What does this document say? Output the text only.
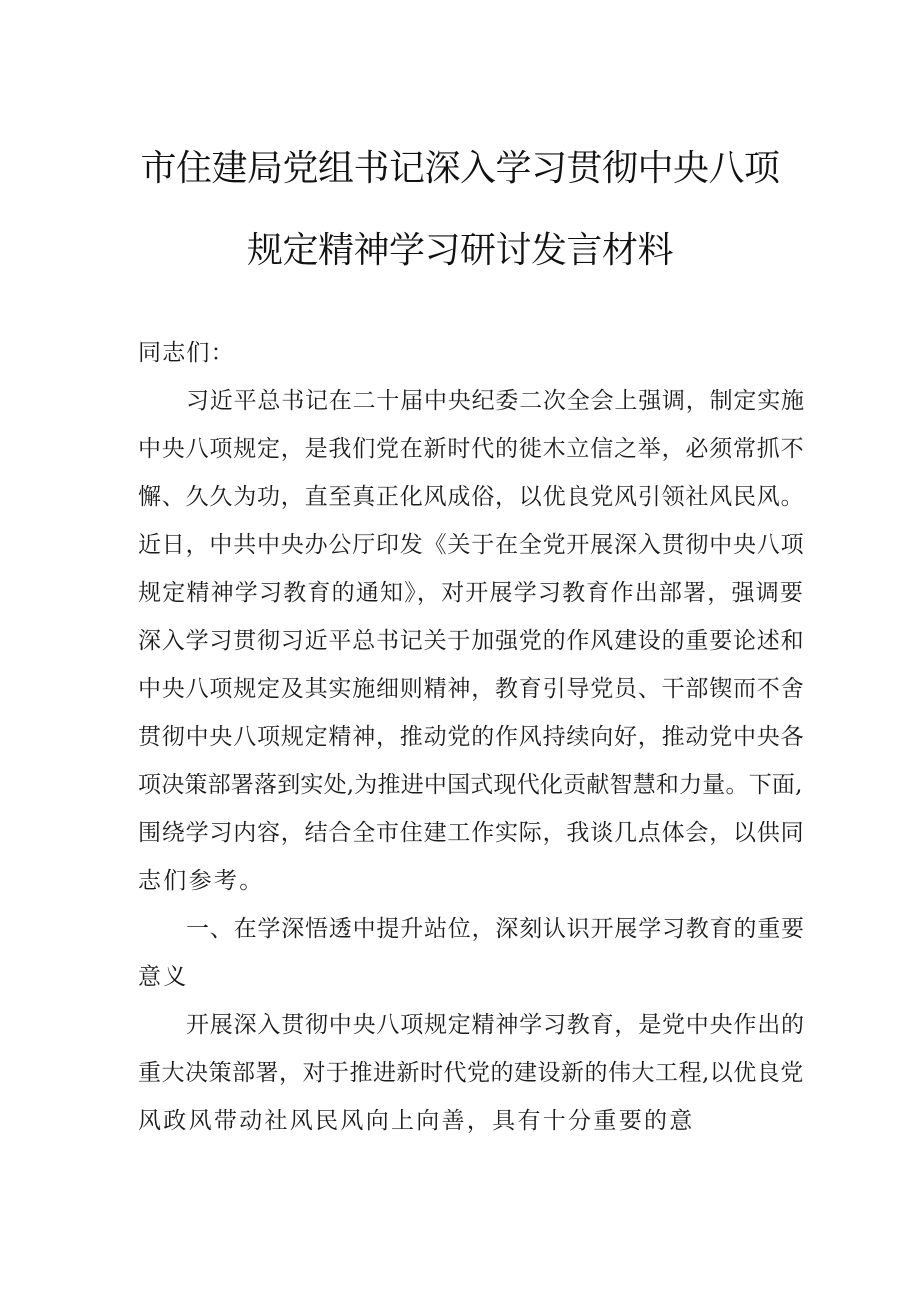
市住建局党组书记深入学习贯彻中央八项
规定精神学习研讨发言材料
同志们：
习近平总书记在二十届中央纪委二次全会上强调，制定实施
中央八项规定，是我们党在新时代的徙木立信之举，必须常抓不
懈、久久为功，直至真正化风成俗，以优良党风引领社风民风。
近日，中共中央办公厅印发《关于在全党开展深入贯彻中央八项
规定精神学习教育的通知》，对开展学习教育作出部署，强调要
深入学习贯彻习近平总书记关于加强党的作风建设的重要论述和
中央八项规定及其实施细则精神，教育引导党员、干部锲而不舍
贯彻中央八项规定精神，推动党的作风持续向好，推动党中央各
项决策部署落到实处,为推进中国式现代化贡献智慧和力量。下面,
围绕学习内容，结合全市住建工作实际，我谈几点体会，以供同
志们参考。
一、在学深悟透中提升站位，深刻认识开展学习教育的重要
意义
开展深入贯彻中央八项规定精神学习教育，是党中央作出的
重大决策部署，对于推进新时代党的建设新的伟大工程,以优良党
风政风带动社风民风向上向善，具有十分重要的意
